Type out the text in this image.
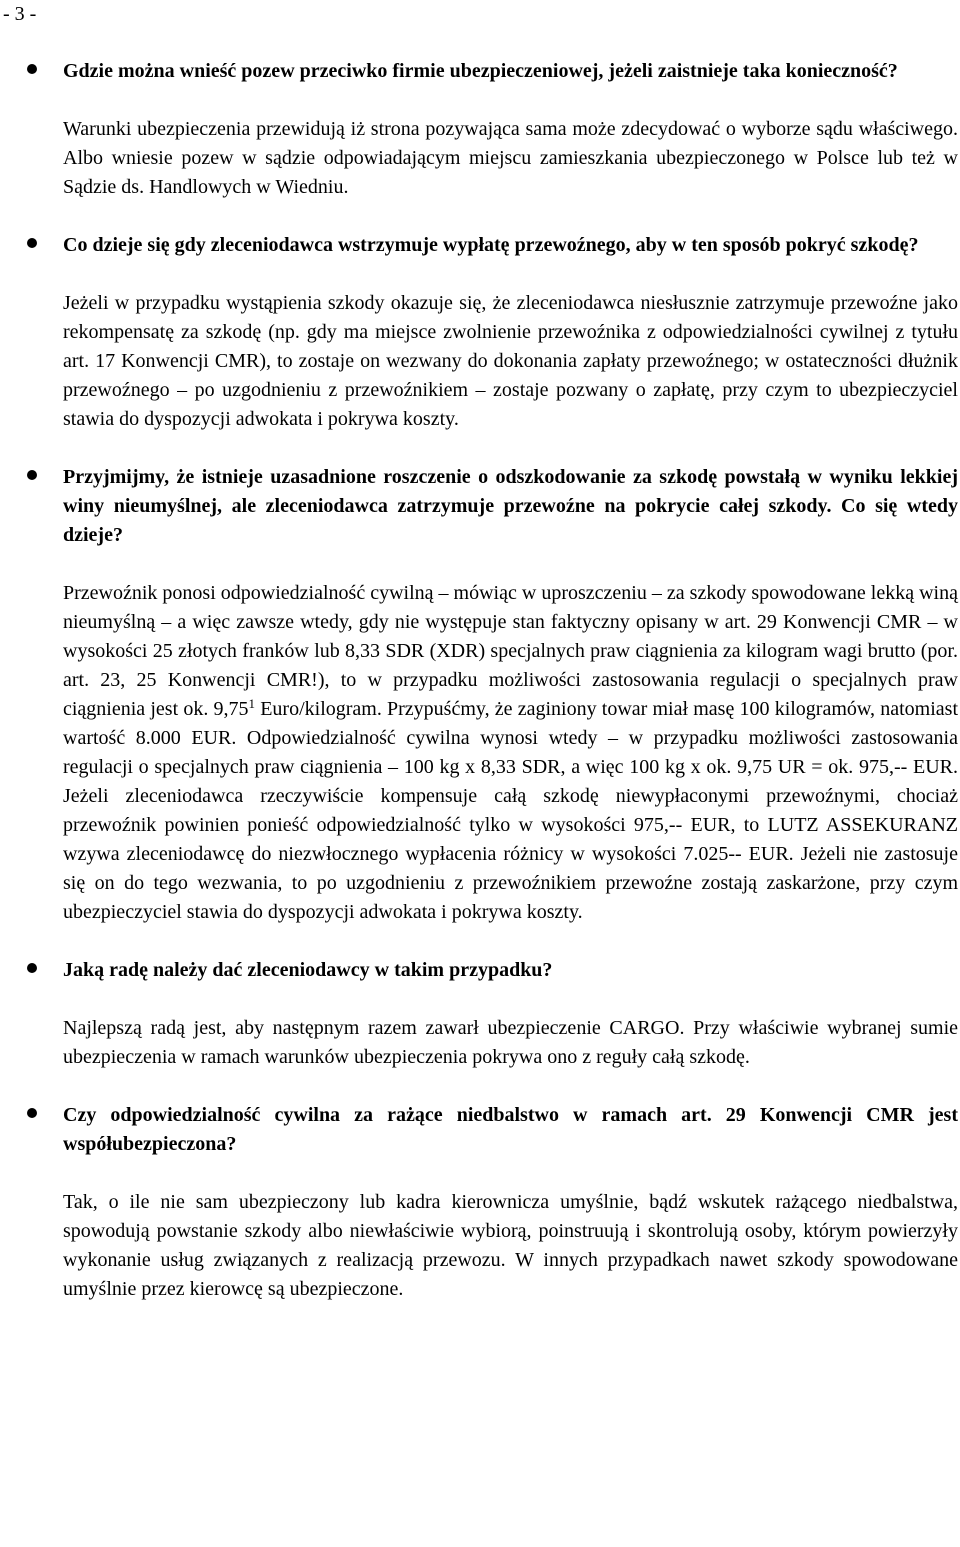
- 3 -
Gdzie można wnieść pozew przeciwko firmie ubezpieczeniowej, jeżeli zaistnieje taka konieczność?
Warunki ubezpieczenia przewidują iż strona pozywająca sama może zdecydować o wyborze sądu właściwego. Albo wniesie pozew w sądzie odpowiadającym miejscu zamieszkania ubezpieczonego w Polsce lub też w Sądzie ds. Handlowych w Wiedniu.
Co dzieje się gdy zleceniodawca wstrzymuje wypłatę przewoźnego, aby w ten sposób pokryć szkodę?
Jeżeli w przypadku wystąpienia szkody okazuje się, że zleceniodawca niesłusznie zatrzymuje przewoźne jako rekompensatę za szkodę (np. gdy ma miejsce zwolnienie przewoźnika z odpowiedzialności cywilnej z tytułu art. 17 Konwencji CMR), to zostaje on wezwany do dokonania zapłaty przewoźnego; w ostateczności dłużnik przewoźnego – po uzgodnieniu z przewoźnikiem – zostaje pozwany o zapłatę, przy czym to ubezpieczyciel stawia do dyspozycji adwokata i pokrywa koszty.
Przyjmijmy, że istnieje uzasadnione roszczenie o odszkodowanie za szkodę powstałą w wyniku lekkiej winy nieumyślnej, ale zleceniodawca zatrzymuje przewoźne na pokrycie całej szkody. Co się wtedy dzieje?
Przewoźnik ponosi odpowiedzialność cywilną – mówiąc w uproszczeniu – za szkody spowodowane lekką winą nieumyślną – a więc zawsze wtedy, gdy nie występuje stan faktyczny opisany w art. 29 Konwencji CMR – w wysokości 25 złotych franków lub 8,33 SDR (XDR) specjalnych praw ciągnienia za kilogram wagi brutto (por. art. 23, 25 Konwencji CMR!), to w przypadku możliwości zastosowania regulacji o specjalnych praw ciągnienia jest ok. 9,75$^1$ Euro/kilogram. Przypuśćmy, że zaginiony towar miał masę 100 kilogramów, natomiast wartość 8.000 EUR. Odpowiedzialność cywilna wynosi wtedy – w przypadku możliwości zastosowania regulacji o specjalnych praw ciągnienia – 100 kg x 8,33 SDR, a więc 100 kg x ok. 9,75 UR = ok. 975,-- EUR. Jeżeli zleceniodawca rzeczywiście kompensuje całą szkodę niewypłaconymi przewoźnymi, chociaż przewoźnik powinien ponieść odpowiedzialność tylko w wysokości 975,-- EUR, to LUTZ ASSEKURANZ wzywa zleceniodawcę do niezwłocznego wypłacenia różnicy w wysokości 7.025-- EUR. Jeżeli nie zastosuje się on do tego wezwania, to po uzgodnieniu z przewoźnikiem przewoźne zostają zaskarżone, przy czym ubezpieczyciel stawia do dyspozycji adwokata i pokrywa koszty.
Jaką radę należy dać zleceniodawcy w takim przypadku?
Najlepszą radą jest, aby następnym razem zawarł ubezpieczenie CARGO. Przy właściwie wybranej sumie ubezpieczenia w ramach warunków ubezpieczenia pokrywa ono z reguły całą szkodę.
Czy odpowiedzialność cywilna za rażące niedbalstwo w ramach art. 29 Konwencji CMR jest współubezpieczona?
Tak, o ile nie sam ubezpieczony lub kadra kierownicza umyślnie, bądź wskutek rażącego niedbalstwa, spowodują powstanie szkody albo niewłaściwie wybiorą, poinstruują i skontrolują osoby, którym powierzyły wykonanie usług związanych z realizacją przewozu. W innych przypadkach nawet szkody spowodowane umyślnie przez kierowcę są ubezpieczone.
